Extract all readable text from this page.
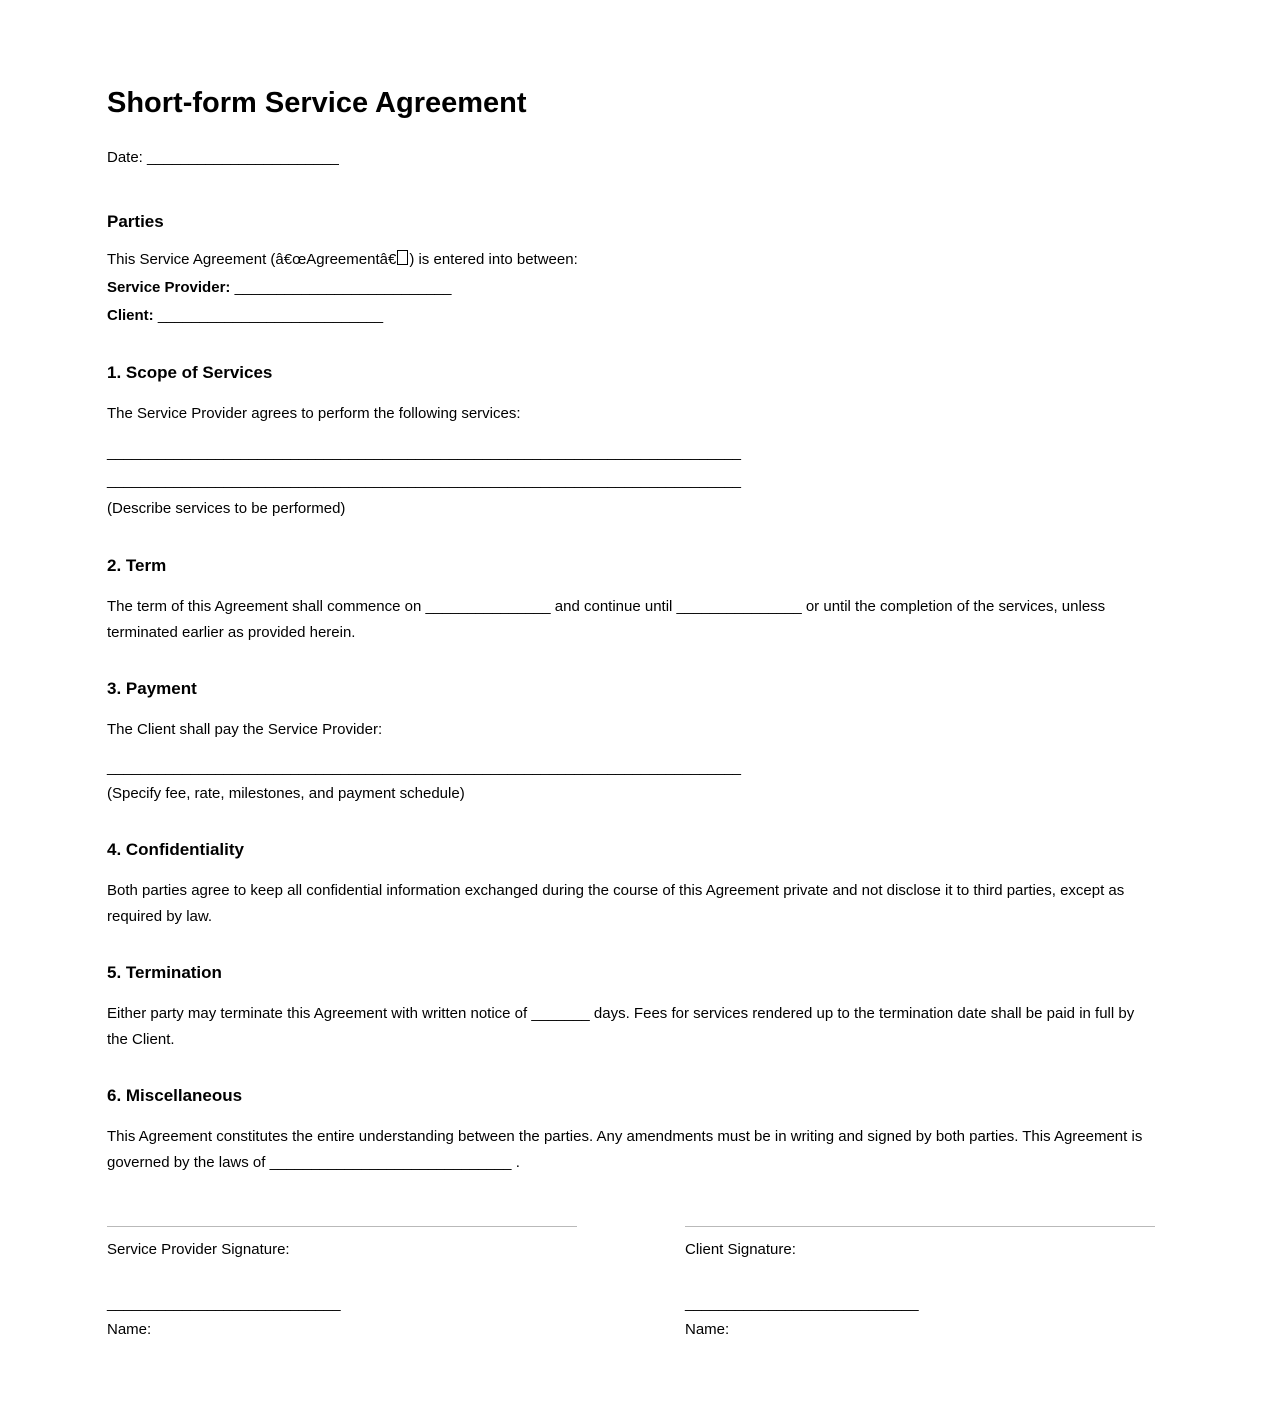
Short-form Service Agreement

Date: _______________________

Parties

This Service Agreement (â€œAgreementâ€ ) is entered into between:
Service Provider: __________________________
Client: ___________________________

1. Scope of Services

The Service Provider agrees to perform the following services:

____________________________________________________________________________
____________________________________________________________________________
(Describe services to be performed)

2. Term

The term of this Agreement shall commence on _______________ and continue until _______________ or until the completion of the services, unless terminated earlier as provided herein.

3. Payment

The Client shall pay the Service Provider:

____________________________________________________________________________
(Specify fee, rate, milestones, and payment schedule)

4. Confidentiality

Both parties agree to keep all confidential information exchanged during the course of this Agreement private and not disclose it to third parties, except as required by law.

5. Termination

Either party may terminate this Agreement with written notice of _______ days. Fees for services rendered up to the termination date shall be paid in full by the Client.

6. Miscellaneous

This Agreement constitutes the entire understanding between the parties. Any amendments must be in writing and signed by both parties. This Agreement is governed by the laws of _____________________________ .

Service Provider Signature:
____________________________
Name:
Client Signature:
____________________________
Name:
